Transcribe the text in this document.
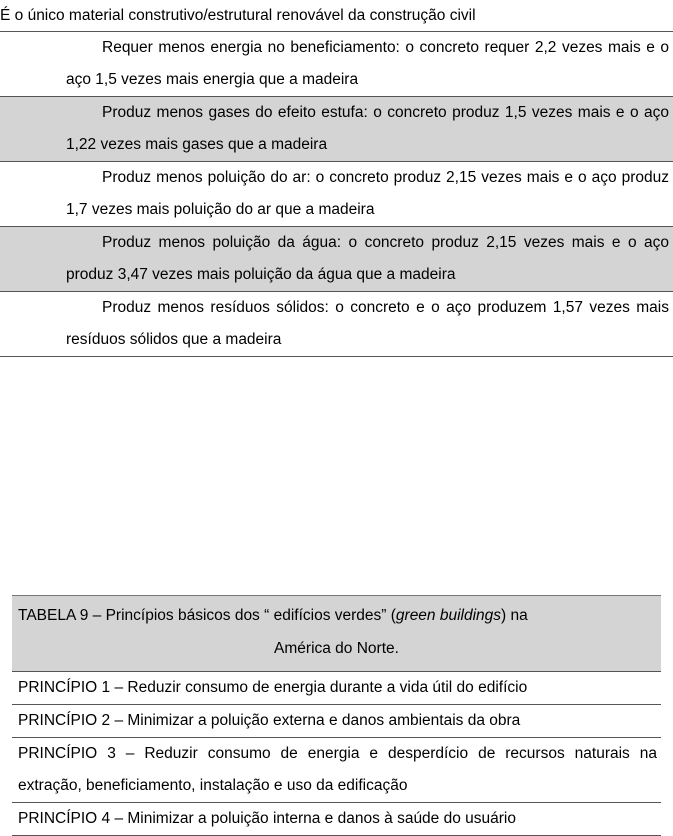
É o único material construtivo/estrutural renovável da construção civil
Requer menos energia no beneficiamento: o concreto requer 2,2 vezes mais e o aço 1,5 vezes mais energia que a madeira
Produz menos gases do efeito estufa: o concreto produz 1,5 vezes mais e o aço 1,22 vezes mais gases que a madeira
Produz menos poluição do ar: o concreto produz 2,15 vezes mais e o aço produz 1,7 vezes mais poluição do ar que a madeira
Produz menos poluição da água: o concreto produz 2,15 vezes mais e o aço produz 3,47 vezes mais poluição da água que a madeira
Produz menos resíduos sólidos: o concreto e o aço produzem 1,57 vezes mais resíduos sólidos que a madeira
TABELA 9 – Princípios básicos dos “ edifícios verdes” (green buildings) na
América do Norte.
PRINCÍPIO 1 – Reduzir consumo de energia durante a vida útil do edifício
PRINCÍPIO 2 – Minimizar a poluição externa e danos ambientais da obra
PRINCÍPIO 3 – Reduzir consumo de energia e desperdício de recursos naturais na extração, beneficiamento, instalação e uso da edificação
PRINCÍPIO 4 – Minimizar a poluição interna e danos à saúde do usuário
